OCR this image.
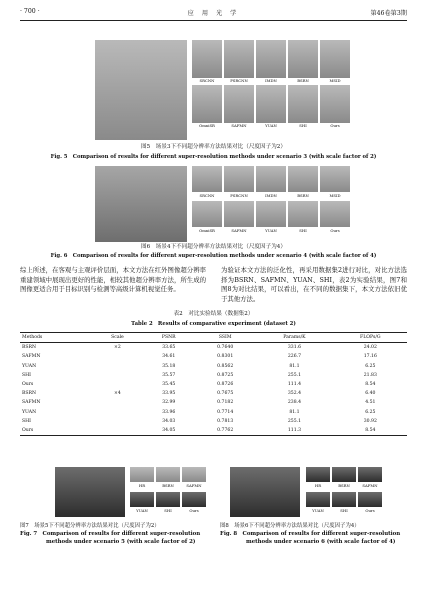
· 700 ·	应 用 光 学	第46卷第3期
SRCNN	PSRCNN	IMDN	BSRN	MSID
OmniSR	SAFMN	YUAN	SHI	Ours
图5　场景3下不同超分辨率方法结果对比（尺度因子为2）
Fig. 5　Comparison of results for different super-resolution methods under scenario 3 (with scale factor of 2)
SRCNN	PSRCNN	IMDN	BSRN	MSID
OmniSR	SAFMN	YUAN	SHI	Ours
图6　场景4下不同超分辨率方法结果对比（尺度因子为4）
Fig. 6　Comparison of results for different super-resolution methods under scenario 4 (with scale factor of 4)
综上所述，在客观与主观评价层面，本文方法在红外图像超分辨率重建领域中展现出更好的性能，相较其他超分辨率方法，所生成的图像更适合用于目标识别与检测等高级计算机视觉任务。
为验证本文方法的泛化性，再采用数据集2进行对比，对比方法选择为BSRN、SAFMN、YUAN、SHI，表2为实验结果，图7和图8为对比结果，可以看出，在不同的数据集下，本文方法依旧优于其他方法。
表2　对比实验结果（数据集2）
Table 2　Results of comparative experiment (dataset 2)
Methods	Scale	PSNR	SSIM	Params/K	FLOPs/G
BSRN	×2	33.65	0.7640	331.6	24.02
SAFMN		34.61	0.8301	226.7	17.16
YUAN		35.18	0.8562	81.1	6.25
SHI		35.57	0.8725	255.1	21.83
Ours		35.45	0.8726	111.4	8.54
BSRN	×4	33.95	0.7675	352.4	6.40
SAFMN		32.99	0.7182	238.4	4.51
YUAN		33.96	0.7714	81.1	6.25
SHI		34.03	0.7813	255.1	30.92
Ours		34.05	0.7762	111.3	8.54
HR	BSRN	SAFMN
YUAN	SHI	Ours
图7　场景5下不同超分辨率方法结果对比（尺度因子为2）
Fig. 7　Comparison of results for different super-resolution
methods under scenario 5 (with scale factor of 2)
HR	BSRN	SAFMN
YUAN	SHI	Ours
图8　场景6下不同超分辨率方法结果对比（尺度因子为4）
Fig. 8　Comparison of results for different super-resolution
methods under scenario 6 (with scale factor of 4)
